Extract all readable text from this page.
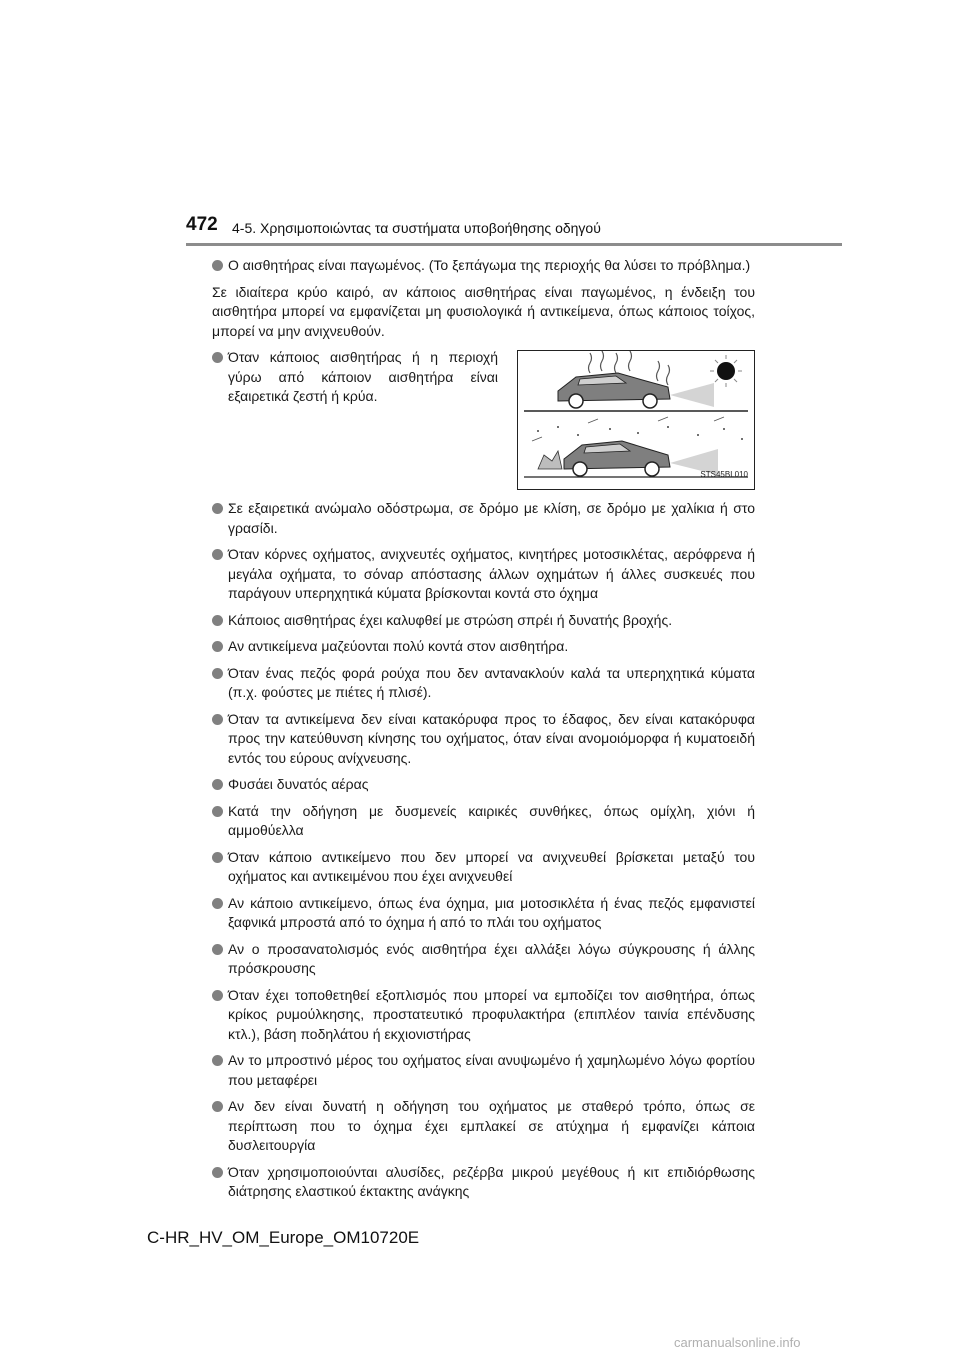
472 4-5. Χρησιμοποιώντας τα συστήματα υποβοήθησης οδηγού
Ο αισθητήρας είναι παγωμένος. (Το ξεπάγωμα της περιοχής θα λύσει το πρόβλημα.)
Σε ιδιαίτερα κρύο καιρό, αν κάποιος αισθητήρας είναι παγωμένος, η ένδειξη του αισθητήρα μπορεί να εμφανίζεται μη φυσιολογικά ή αντικείμενα, όπως κάποιος τοίχος, μπορεί να μην ανιχνευθούν.
Όταν κάποιος αισθητήρας ή η περιοχή γύρω από κάποιον αισθητήρα είναι εξαιρετικά ζεστή ή κρύα.
STS45BL010
Σε εξαιρετικά ανώμαλο οδόστρωμα, σε δρόμο με κλίση, σε δρόμο με χαλίκια ή στο γρασίδι.
Όταν κόρνες οχήματος, ανιχνευτές οχήματος, κινητήρες μοτοσικλέτας, αερόφρενα ή μεγάλα οχήματα, το σόναρ απόστασης άλλων οχημάτων ή άλλες συσκευές που παράγουν υπερηχητικά κύματα βρίσκονται κοντά στο όχημα
Κάποιος αισθητήρας έχει καλυφθεί με στρώση σπρέι ή δυνατής βροχής.
Αν αντικείμενα μαζεύονται πολύ κοντά στον αισθητήρα.
Όταν ένας πεζός φορά ρούχα που δεν αντανακλούν καλά τα υπερηχητικά κύματα (π.χ. φούστες με πιέτες ή πλισέ).
Όταν τα αντικείμενα δεν είναι κατακόρυφα προς το έδαφος, δεν είναι κατακόρυφα προς την κατεύθυνση κίνησης του οχήματος, όταν είναι ανομοιόμορφα ή κυματοειδή εντός του εύρους ανίχνευσης.
Φυσάει δυνατός αέρας
Κατά την οδήγηση με δυσμενείς καιρικές συνθήκες, όπως ομίχλη, χιόνι ή αμμοθύελλα
Όταν κάποιο αντικείμενο που δεν μπορεί να ανιχνευθεί βρίσκεται μεταξύ του οχήματος και αντικειμένου που έχει ανιχνευθεί
Αν κάποιο αντικείμενο, όπως ένα όχημα, μια μοτοσικλέτα ή ένας πεζός εμφανιστεί ξαφνικά μπροστά από το όχημα ή από το πλάι του οχήματος
Αν ο προσανατολισμός ενός αισθητήρα έχει αλλάξει λόγω σύγκρουσης ή άλλης πρόσκρουσης
Όταν έχει τοποθετηθεί εξοπλισμός που μπορεί να εμποδίζει τον αισθητήρα, όπως κρίκος ρυμούλκησης, προστατευτικό προφυλακτήρα (επιπλέον ταινία επένδυσης κτλ.), βάση ποδηλάτου ή εκχιονιστήρας
Αν το μπροστινό μέρος του οχήματος είναι ανυψωμένο ή χαμηλωμένο λόγω φορτίου που μεταφέρει
Αν δεν είναι δυνατή η οδήγηση του οχήματος με σταθερό τρόπο, όπως σε περίπτωση που το όχημα έχει εμπλακεί σε ατύχημα ή εμφανίζει κάποια δυσλειτουργία
Όταν χρησιμοποιούνται αλυσίδες, ρεζέρβα μικρού μεγέθους ή κιτ επιδιόρθωσης διάτρησης ελαστικού έκτακτης ανάγκης
C-HR_HV_OM_Europe_OM10720E
carmanualsonline.info
